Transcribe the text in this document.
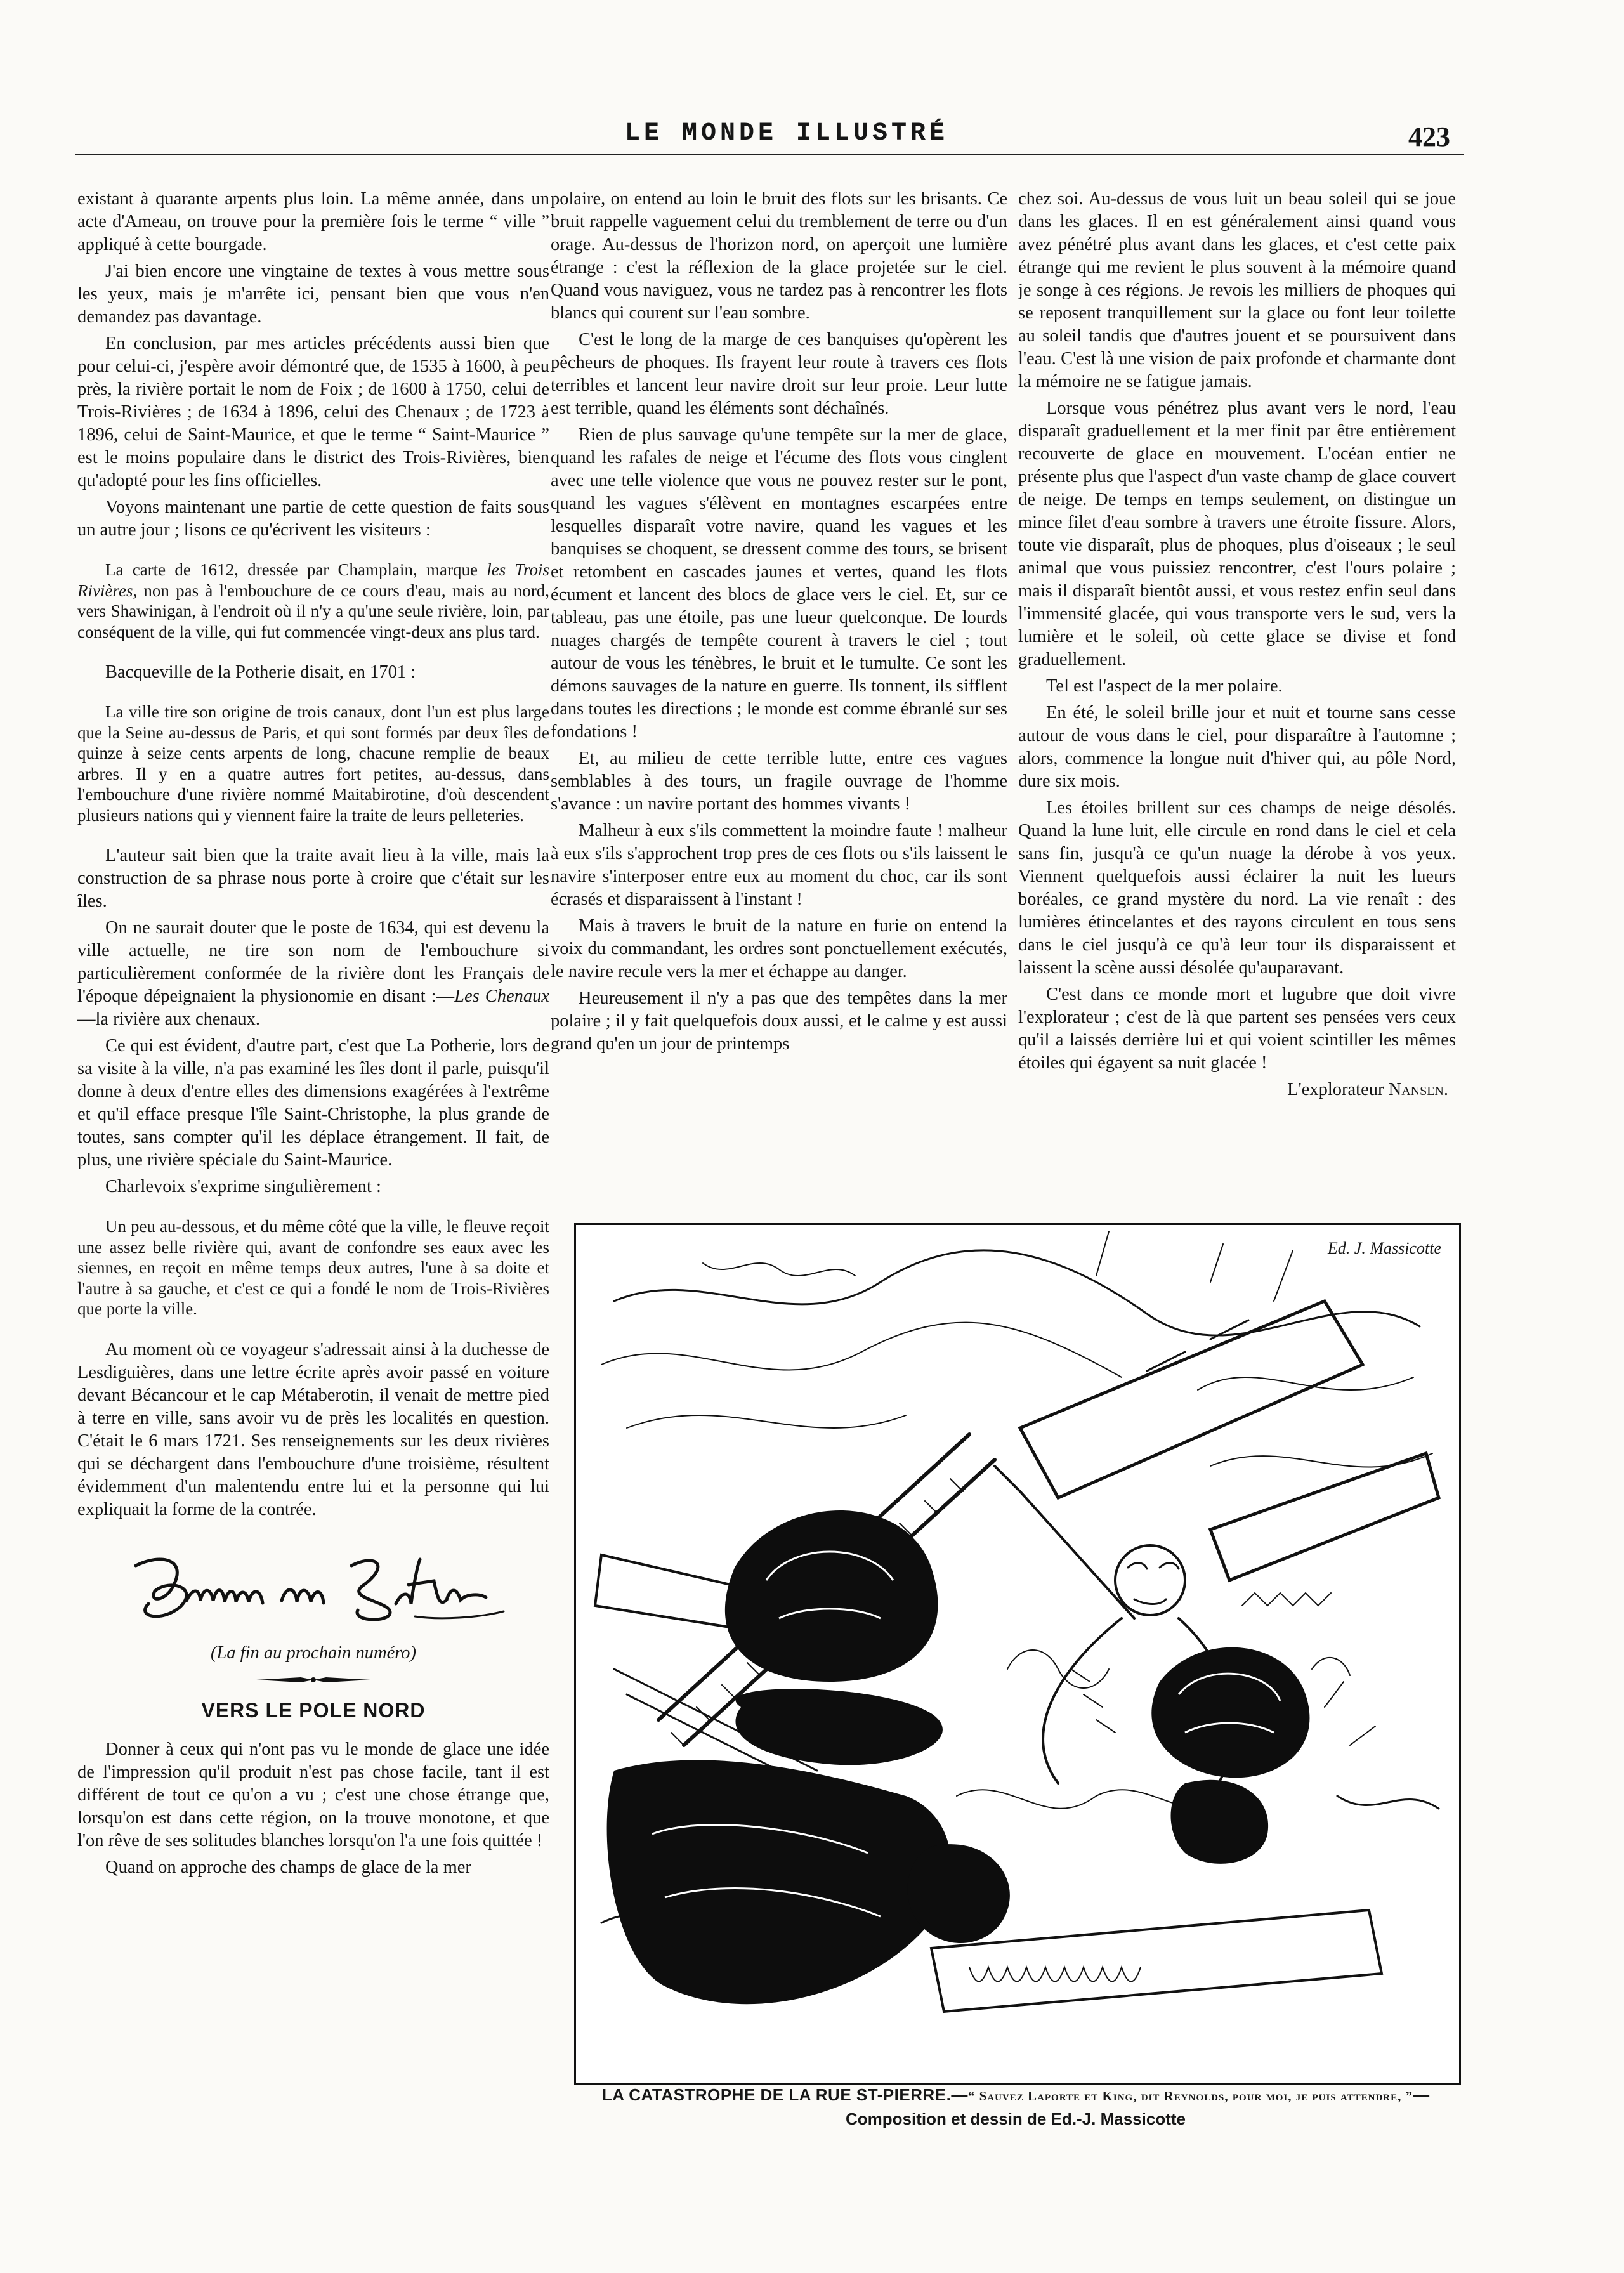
LE MONDE ILLUSTRÉ	423

existant à quarante arpents plus loin. La même année, dans un acte d'Ameau, on trouve pour la première fois le terme “ ville ” appliqué à cette bourgade.

J'ai bien encore une vingtaine de textes à vous mettre sous les yeux, mais je m'arrête ici, pensant bien que vous n'en demandez pas davantage.

En conclusion, par mes articles précédents aussi bien que pour celui-ci, j'espère avoir démontré que, de 1535 à 1600, à peu près, la rivière portait le nom de Foix ; de 1600 à 1750, celui de Trois-Rivières ; de 1634 à 1896, celui des Chenaux ; de 1723 à 1896, celui de Saint-Maurice, et que le terme “ Saint-Maurice ” est le moins populaire dans le district des Trois-Rivières, bien qu'adopté pour les fins officielles.

Voyons maintenant une partie de cette question de faits sous un autre jour ; lisons ce qu'écrivent les visiteurs :

La carte de 1612, dressée par Champlain, marque les Trois Rivières, non pas à l'embouchure de ce cours d'eau, mais au nord, vers Shawinigan, à l'endroit où il n'y a qu'une seule rivière, loin, par conséquent de la ville, qui fut commencée vingt-deux ans plus tard.

Bacqueville de la Potherie disait, en 1701 :

La ville tire son origine de trois canaux, dont l'un est plus large que la Seine au-dessus de Paris, et qui sont formés par deux îles de quinze à seize cents arpents de long, chacune remplie de beaux arbres. Il y en a quatre autres fort petites, au-dessus, dans l'embouchure d'une rivière nommé Maitabirotine, d'où descendent plusieurs nations qui y viennent faire la traite de leurs pelleteries.

L'auteur sait bien que la traite avait lieu à la ville, mais la construction de sa phrase nous porte à croire que c'était sur les îles.

On ne saurait douter que le poste de 1634, qui est devenu la ville actuelle, ne tire son nom de l'embouchure si particulièrement conformée de la rivière dont les Français de l'époque dépeignaient la physionomie en disant :—Les Chenaux—la rivière aux chenaux.

Ce qui est évident, d'autre part, c'est que La Potherie, lors de sa visite à la ville, n'a pas examiné les îles dont il parle, puisqu'il donne à deux d'entre elles des dimensions exagérées à l'extrême et qu'il efface presque l'île Saint-Christophe, la plus grande de toutes, sans compter qu'il les déplace étrangement. Il fait, de plus, une rivière spéciale du Saint-Maurice.

Charlevoix s'exprime singulièrement :

Un peu au-dessous, et du même côté que la ville, le fleuve reçoit une assez belle rivière qui, avant de confondre ses eaux avec les siennes, en reçoit en même temps deux autres, l'une à sa doite et l'autre à sa gauche, et c'est ce qui a fondé le nom de Trois-Rivières que porte la ville.

Au moment où ce voyageur s'adressait ainsi à la duchesse de Lesdiguières, dans une lettre écrite après avoir passé en voiture devant Bécancour et le cap Métaberotin, il venait de mettre pied à terre en ville, sans avoir vu de près les localités en question. C'était le 6 mars 1721. Ses renseignements sur les deux rivières qui se déchargent dans l'embouchure d'une troisième, résultent évidemment d'un malentendu entre lui et la personne qui lui expliquait la forme de la contrée.

(La fin au prochain numéro)

VERS LE POLE NORD

Donner à ceux qui n'ont pas vu le monde de glace une idée de l'impression qu'il produit n'est pas chose facile, tant il est différent de tout ce qu'on a vu ; c'est une chose étrange que, lorsqu'on est dans cette région, on la trouve monotone, et que l'on rêve de ses solitudes blanches lorsqu'on l'a une fois quittée !

Quand on approche des champs de glace de la mer

polaire, on entend au loin le bruit des flots sur les brisants. Ce bruit rappelle vaguement celui du tremblement de terre ou d'un orage. Au-dessus de l'horizon nord, on aperçoit une lumière étrange : c'est la réflexion de la glace projetée sur le ciel. Quand vous naviguez, vous ne tardez pas à rencontrer les flots blancs qui courent sur l'eau sombre.

C'est le long de la marge de ces banquises qu'opèrent les pêcheurs de phoques. Ils frayent leur route à travers ces flots terribles et lancent leur navire droit sur leur proie. Leur lutte est terrible, quand les éléments sont déchaînés.

Rien de plus sauvage qu'une tempête sur la mer de glace, quand les rafales de neige et l'écume des flots vous cinglent avec une telle violence que vous ne pouvez rester sur le pont, quand les vagues s'élèvent en montagnes escarpées entre lesquelles disparaît votre navire, quand les vagues et les banquises se choquent, se dressent comme des tours, se brisent et retombent en cascades jaunes et vertes, quand les flots écument et lancent des blocs de glace vers le ciel. Et, sur ce tableau, pas une étoile, pas une lueur quelconque. De lourds nuages chargés de tempête courent à travers le ciel ; tout autour de vous les ténèbres, le bruit et le tumulte. Ce sont les démons sauvages de la nature en guerre. Ils tonnent, ils sifflent dans toutes les directions ; le monde est comme ébranlé sur ses fondations !

Et, au milieu de cette terrible lutte, entre ces vagues semblables à des tours, un fragile ouvrage de l'homme s'avance : un navire portant des hommes vivants !

Malheur à eux s'ils commettent la moindre faute ! malheur à eux s'ils s'approchent trop pres de ces flots ou s'ils laissent le navire s'interposer entre eux au moment du choc, car ils sont écrasés et disparaissent à l'instant !

Mais à travers le bruit de la nature en furie on entend la voix du commandant, les ordres sont ponctuellement exécutés, le navire recule vers la mer et échappe au danger.

Heureusement il n'y a pas que des tempêtes dans la mer polaire ; il y fait quelquefois doux aussi, et le calme y est aussi grand qu'en un jour de printemps

chez soi. Au-dessus de vous luit un beau soleil qui se joue dans les glaces. Il en est généralement ainsi quand vous avez pénétré plus avant dans les glaces, et c'est cette paix étrange qui me revient le plus souvent à la mémoire quand je songe à ces régions. Je revois les milliers de phoques qui se reposent tranquillement sur la glace ou font leur toilette au soleil tandis que d'autres jouent et se poursuivent dans l'eau. C'est là une vision de paix profonde et charmante dont la mémoire ne se fatigue jamais.

Lorsque vous pénétrez plus avant vers le nord, l'eau disparaît graduellement et la mer finit par être entièrement recouverte de glace en mouvement. L'océan entier ne présente plus que l'aspect d'un vaste champ de glace couvert de neige. De temps en temps seulement, on distingue un mince filet d'eau sombre à travers une étroite fissure. Alors, toute vie disparaît, plus de phoques, plus d'oiseaux ; le seul animal que vous puissiez rencontrer, c'est l'ours polaire ; mais il disparaît bientôt aussi, et vous restez enfin seul dans l'immensité glacée, qui vous transporte vers le sud, vers la lumière et le soleil, où cette glace se divise et fond graduellement.

Tel est l'aspect de la mer polaire.

En été, le soleil brille jour et nuit et tourne sans cesse autour de vous dans le ciel, pour disparaître à l'automne ; alors, commence la longue nuit d'hiver qui, au pôle Nord, dure six mois.

Les étoiles brillent sur ces champs de neige désolés. Quand la lune luit, elle circule en rond dans le ciel et cela sans fin, jusqu'à ce qu'un nuage la dérobe à vos yeux. Viennent quelquefois aussi éclairer la nuit les lueurs boréales, ce grand mystère du nord. La vie renaît : des lumières étincelantes et des rayons circulent en tous sens dans le ciel jusqu'à ce qu'à leur tour ils disparaissent et laissent la scène aussi désolée qu'auparavant.

C'est dans ce monde mort et lugubre que doit vivre l'explorateur ; c'est de là que partent ses pensées vers ceux qu'il a laissés derrière lui et qui voient scintiller les mêmes étoiles qui égayent sa nuit glacée !

L'explorateur Nansen.

Ed. J. Massicotte
LA CATASTROPHE DE LA RUE ST-PIERRE.—“ Sauvez Laporte et King, dit Reynolds, pour moi, je puis attendre, ”—Composition et dessin de Ed.-J. Massicotte
